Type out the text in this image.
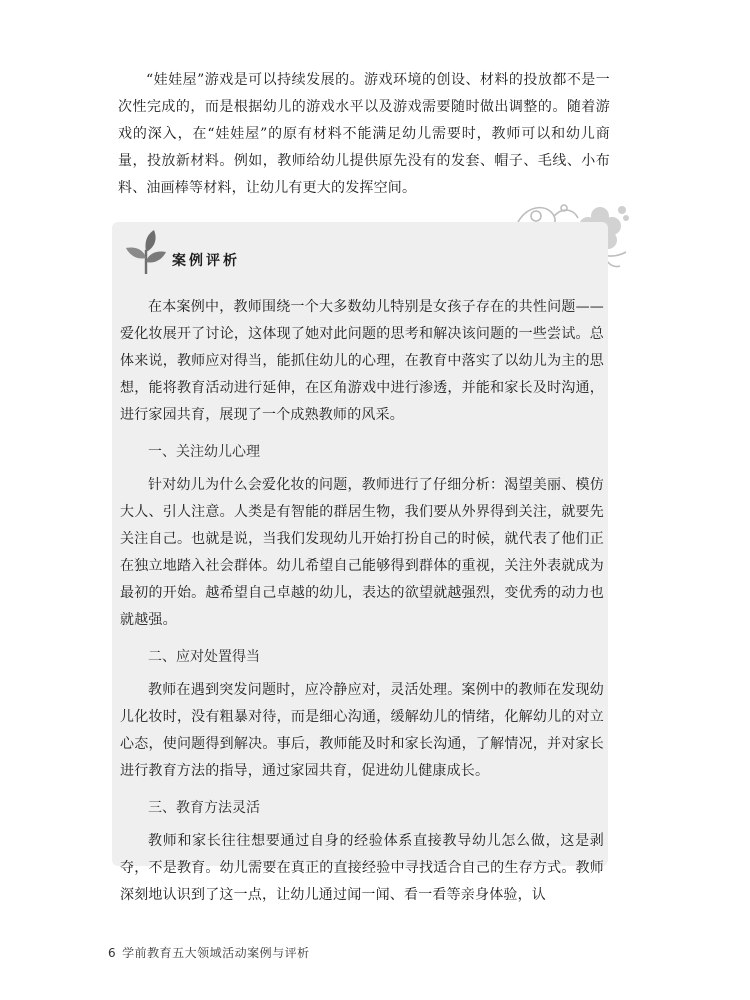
“娃娃屋”游戏是可以持续发展的。游戏环境的创设、材料的投放都不是一次性完成的，而是根据幼儿的游戏水平以及游戏需要随时做出调整的。随着游戏的深入，在“娃娃屋”的原有材料不能满足幼儿需要时，教师可以和幼儿商量，投放新材料。例如，教师给幼儿提供原先没有的发套、帽子、毛线、小布料、油画棒等材料，让幼儿有更大的发挥空间。

案例评析

在本案例中，教师围绕一个大多数幼儿特别是女孩子存在的共性问题——爱化妆展开了讨论，这体现了她对此问题的思考和解决该问题的一些尝试。总体来说，教师应对得当，能抓住幼儿的心理，在教育中落实了以幼儿为主的思想，能将教育活动进行延伸，在区角游戏中进行渗透，并能和家长及时沟通，进行家园共育，展现了一个成熟教师的风采。

一、关注幼儿心理

针对幼儿为什么会爱化妆的问题，教师进行了仔细分析：渴望美丽、模仿大人、引人注意。人类是有智能的群居生物，我们要从外界得到关注，就要先关注自己。也就是说，当我们发现幼儿开始打扮自己的时候，就代表了他们正在独立地踏入社会群体。幼儿希望自己能够得到群体的重视，关注外表就成为最初的开始。越希望自己卓越的幼儿，表达的欲望就越强烈，变优秀的动力也就越强。

二、应对处置得当

教师在遇到突发问题时，应冷静应对，灵活处理。案例中的教师在发现幼儿化妆时，没有粗暴对待，而是细心沟通，缓解幼儿的情绪，化解幼儿的对立心态，使问题得到解决。事后，教师能及时和家长沟通，了解情况，并对家长进行教育方法的指导，通过家园共育，促进幼儿健康成长。

三、教育方法灵活

教师和家长往往想要通过自身的经验体系直接教导幼儿怎么做，这是剥夺，不是教育。幼儿需要在真正的直接经验中寻找适合自己的生存方式。教师深刻地认识到了这一点，让幼儿通过闻一闻、看一看等亲身体验，认

6 学前教育五大领域活动案例与评析
